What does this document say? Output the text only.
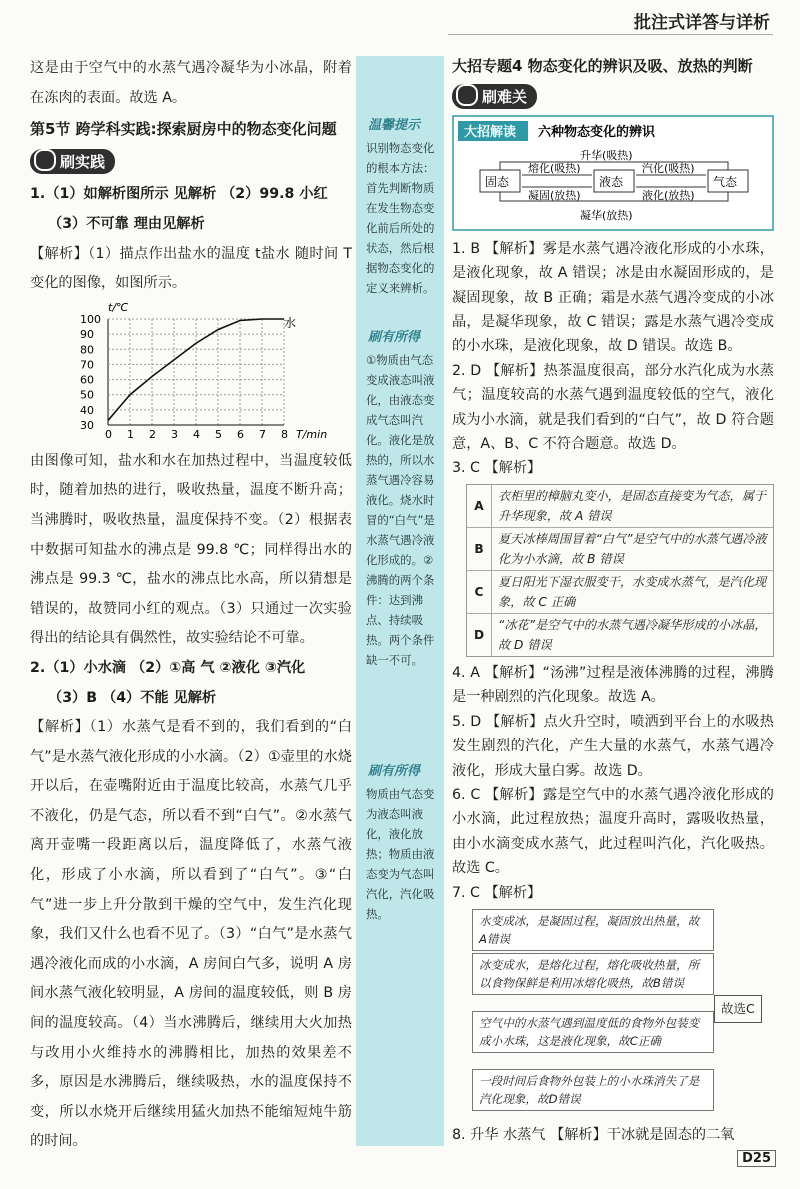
批注式详答与详析

这是由于空气中的水蒸气遇冷凝华为小冰晶，附着在冻肉的表面。故选 A。

第5节 跨学科实践:探索厨房中的物态变化问题

刷实践

1.（1）如解析图所示 见解析 （2）99.8 小红

（3）不可靠 理由见解析

【解析】（1）描点作出盐水的温度 t盐水 随时间 T 变化的图像，如图所示。

t/℃
T/min
水
100
90
80
70
60
50
40
30
0 1 2 3 4 5 6 7 8

由图像可知，盐水和水在加热过程中，当温度较低时，随着加热的进行，吸收热量，温度不断升高；当沸腾时，吸收热量，温度保持不变。（2）根据表中数据可知盐水的沸点是 99.8 ℃；同样得出水的沸点是 99.3 ℃，盐水的沸点比水高，所以猜想是错误的，故赞同小红的观点。（3）只通过一次实验得出的结论具有偶然性，故实验结论不可靠。

2.（1）小水滴 （2）①高 气 ②液化 ③汽化

（3）B （4）不能 见解析

【解析】（1）水蒸气是看不到的，我们看到的“白气”是水蒸气液化形成的小水滴。（2）①壶里的水烧开以后，在壶嘴附近由于温度比较高，水蒸气几乎不液化，仍是气态，所以看不到“白气”。②水蒸气离开壶嘴一段距离以后，温度降低了，水蒸气液化，形成了小水滴，所以看到了“白气”。③“白气”进一步上升分散到干燥的空气中，发生汽化现象，我们又什么也看不见了。（3）“白气”是水蒸气遇冷液化而成的小水滴，A 房间白气多，说明 A 房间水蒸气液化较明显，A 房间的温度较低，则 B 房间的温度较高。（4）当水沸腾后，继续用大火加热与改用小火维持水的沸腾相比，加热的效果差不多，原因是水沸腾后，继续吸热，水的温度保持不变，所以水烧开后继续用猛火加热不能缩短炖牛筋的时间。

温馨提示
识别物态变化的根本方法：首先判断物质在发生物态变化前后所处的状态，然后根据物态变化的定义来辨析。
刷有所得
①物质由气态变成液态叫液化，由液态变成气态叫汽化。液化是放热的，所以水蒸气遇冷容易液化。烧水时冒的“白气”是水蒸气遇冷液化形成的。②沸腾的两个条件：达到沸点、持续吸热。两个条件缺一不可。
刷有所得
物质由气态变为液态叫液化，液化放热；物质由液态变为气态叫汽化，汽化吸热。

大招专题4 物态变化的辨识及吸、放热的判断

刷难关
大招解读 六种物态变化的辨识
升华(吸热)
固态	液态	气态
熔化(吸热)
凝固(放热)
汽化(吸热)
液化(放热)
凝华(放热)

1. B 【解析】雾是水蒸气遇冷液化形成的小水珠，是液化现象，故 A 错误；冰是由水凝固形成的，是凝固现象，故 B 正确；霜是水蒸气遇冷变成的小冰晶，是凝华现象，故 C 错误；露是水蒸气遇冷变成的小水珠，是液化现象，故 D 错误。故选 B。

2. D 【解析】热茶温度很高，部分水汽化成为水蒸气；温度较高的水蒸气遇到温度较低的空气，液化成为小水滴，就是我们看到的“白气”，故 D 符合题意，A、B、C 不符合题意。故选 D。

3. C 【解析】

A
衣柜里的樟脑丸变小，是固态直接变为气态，属于升华现象，故 A 错误
B
夏天冰棒周围冒着“白气”是空气中的水蒸气遇冷液化为小水滴，故 B 错误
C
夏日阳光下湿衣服变干，水变成水蒸气，是汽化现象，故 C 正确
D
“冰花”是空气中的水蒸气遇冷凝华形成的小冰晶，故 D 错误

4. A 【解析】“汤沸”过程是液体沸腾的过程，沸腾是一种剧烈的汽化现象。故选 A。

5. D 【解析】点火升空时，喷洒到平台上的水吸热发生剧烈的汽化，产生大量的水蒸气，水蒸气遇冷液化，形成大量白雾。故选 D。

6. C 【解析】露是空气中的水蒸气遇冷液化形成的小水滴，此过程放热；温度升高时，露吸收热量，由小水滴变成水蒸气，此过程叫汽化，汽化吸热。故选 C。

7. C 【解析】

水变成冰，是凝固过程，凝固放出热量，故A错误
冰变成水，是熔化过程，熔化吸收热量，所以食物保鲜是利用冰熔化吸热，故B错误
空气中的水蒸气遇到温度低的食物外包装变成小水珠，这是液化现象，故C正确
一段时间后食物外包装上的小水珠消失了是汽化现象，故D错误
故选C

8. 升华 水蒸气 【解析】干冰就是固态的二氧

D25
